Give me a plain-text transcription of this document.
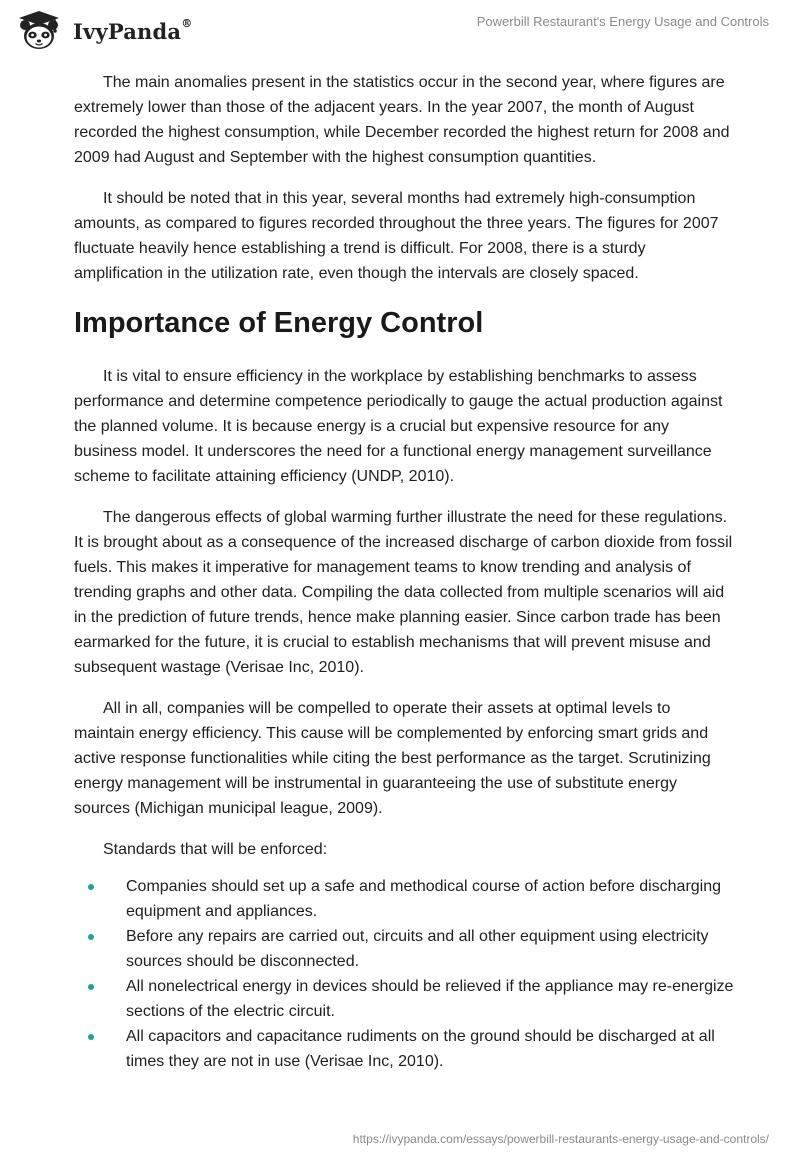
IvyPanda®	Powerbill Restaurant's Energy Usage and Controls

The main anomalies present in the statistics occur in the second year, where figures are extremely lower than those of the adjacent years. In the year 2007, the month of August recorded the highest consumption, while December recorded the highest return for 2008 and 2009 had August and September with the highest consumption quantities.

It should be noted that in this year, several months had extremely high-consumption amounts, as compared to figures recorded throughout the three years. The figures for 2007 fluctuate heavily hence establishing a trend is difficult. For 2008, there is a sturdy amplification in the utilization rate, even though the intervals are closely spaced.

Importance of Energy Control

It is vital to ensure efficiency in the workplace by establishing benchmarks to assess performance and determine competence periodically to gauge the actual production against the planned volume. It is because energy is a crucial but expensive resource for any business model. It underscores the need for a functional energy management surveillance scheme to facilitate attaining efficiency (UNDP, 2010).

The dangerous effects of global warming further illustrate the need for these regulations. It is brought about as a consequence of the increased discharge of carbon dioxide from fossil fuels. This makes it imperative for management teams to know trending and analysis of trending graphs and other data. Compiling the data collected from multiple scenarios will aid in the prediction of future trends, hence make planning easier. Since carbon trade has been earmarked for the future, it is crucial to establish mechanisms that will prevent misuse and subsequent wastage (Verisae Inc, 2010).

All in all, companies will be compelled to operate their assets at optimal levels to maintain energy efficiency. This cause will be complemented by enforcing smart grids and active response functionalities while citing the best performance as the target. Scrutinizing energy management will be instrumental in guaranteeing the use of substitute energy sources (Michigan municipal league, 2009).

Standards that will be enforced:

Companies should set up a safe and methodical course of action before discharging equipment and appliances.
Before any repairs are carried out, circuits and all other equipment using electricity sources should be disconnected.
All nonelectrical energy in devices should be relieved if the appliance may re-energize sections of the electric circuit.
All capacitors and capacitance rudiments on the ground should be discharged at all times they are not in use (Verisae Inc, 2010).
https://ivypanda.com/essays/powerbill-restaurants-energy-usage-and-controls/
